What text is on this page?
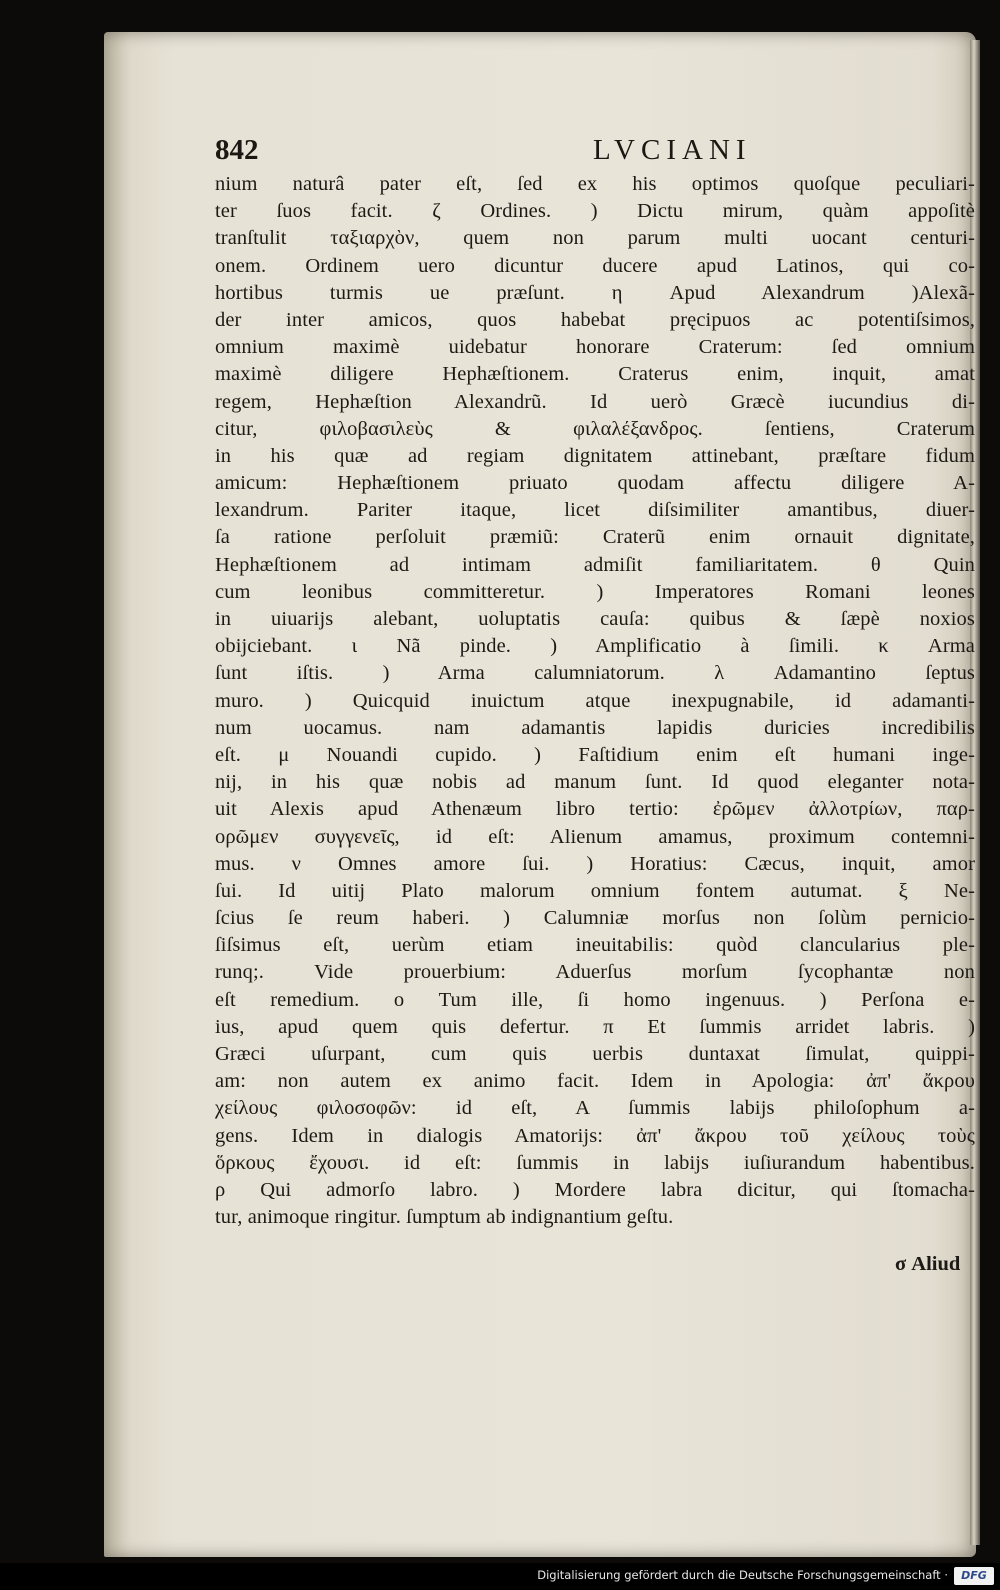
842	LVCIANI
nium naturâ pater eſt, ſed ex his optimos quoſque peculiari-
ter ſuos facit. ζ Ordines. ) Dictu mirum, quàm appoſitè
tranſtulit ταξιαρχὸν, quem non parum multi uocant centuri-
onem. Ordinem uero dicuntur ducere apud Latinos, qui co-
hortibus turmis ue præſunt. η Apud Alexandrum )Alexã-
der inter amicos, quos habebat pręcipuos ac potentiſsimos,
omnium maximè uidebatur honorare Craterum: ſed omnium
maximè diligere Hephæſtionem. Craterus enim, inquit, amat
regem, Hephæſtion Alexandrũ. Id uerò Græcè iucundius di-
citur, φιλοβασιλεὺς & φιλαλέξανδρος. ſentiens, Craterum
in his quæ ad regiam dignitatem attinebant, præſtare fidum
amicum: Hephæſtionem priuato quodam affectu diligere A-
lexandrum. Pariter itaque, licet diſsimiliter amantibus, diuer-
ſa ratione perſoluit præmiũ: Craterũ enim ornauit dignitate,
Hephæſtionem ad intimam admiſit familiaritatem. θ Quin
cum leonibus committeretur. ) Imperatores Romani leones
in uiuarijs alebant, uoluptatis cauſa: quibus & ſæpè noxios
obijciebant. ι Nã pinde. ) Amplificatio à ſimili. κ Arma
ſunt iſtis. ) Arma calumniatorum. λ Adamantino ſeptus
muro. ) Quicquid inuictum atque inexpugnabile, id adamanti-
num uocamus. nam adamantis lapidis duricies incredibilis
eſt. μ Nouandi cupido. ) Faſtidium enim eſt humani inge-
nij, in his quæ nobis ad manum ſunt. Id quod eleganter nota-
uit Alexis apud Athenæum libro tertio: ἐρῶμεν ἀλλοτρίων, παρ-
ορῶμεν συγγενεῖς, id eſt: Alienum amamus, proximum contemni-
mus. ν Omnes amore ſui. ) Horatius: Cæcus, inquit, amor
ſui. Id uitij Plato malorum omnium fontem autumat. ξ Ne-
ſcius ſe reum haberi. ) Calumniæ morſus non ſolùm pernicio-
ſiſsimus eſt, uerùm etiam ineuitabilis: quòd clancularius ple-
runq;. Vide prouerbium: Aduerſus morſum ſycophantæ non
eſt remedium. ο Tum ille, ſi homo ingenuus. ) Perſona e-
ius, apud quem quis defertur. π Et ſummis arridet labris. )
Græci uſurpant, cum quis uerbis duntaxat ſimulat, quippi-
am: non autem ex animo facit. Idem in Apologia: ἀπ' ἄκρου
χείλους φιλοσοφῶν: id eſt, A ſummis labijs philoſophum a-
gens. Idem in dialogis Amatorijs: ἀπ' ἄκρου τοῦ χείλους τοὺς
ὅρκους ἔχουσι. id eſt: ſummis in labijs iuſiurandum habentibus.
ρ Qui admorſo labro. ) Mordere labra dicitur, qui ſtomacha-
tur, animoque ringitur. ſumptum ab indignantium geſtu.
σ Aliud
Digitalisierung gefördert durch die Deutsche Forschungsgemeinschaft ·	DFG
